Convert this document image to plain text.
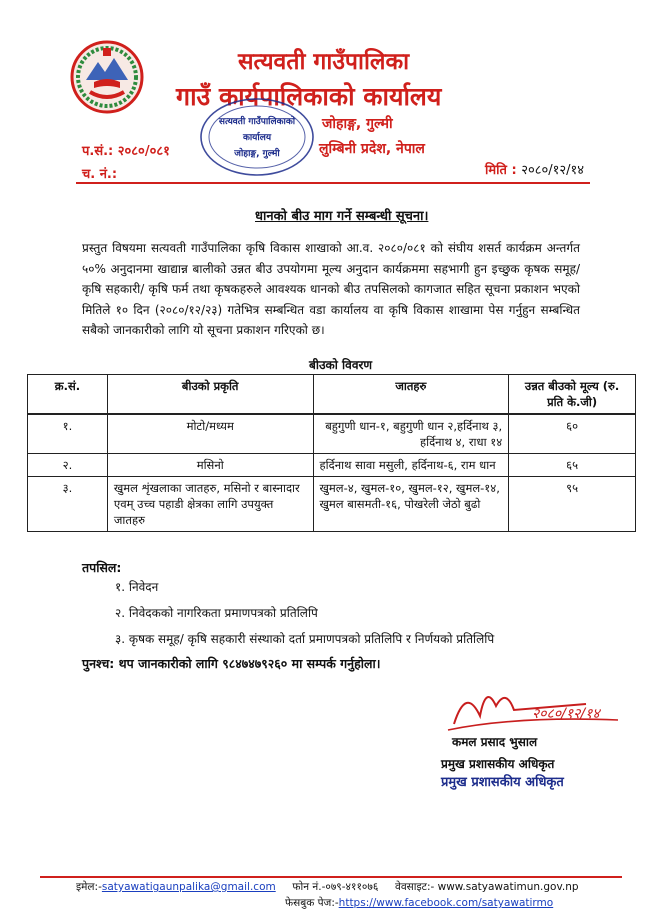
सत्यवती गाउँपालिका
गाउँ कार्यपालिकाको कार्यालय
जोहाङ्ग, गुल्मी
लुम्बिनी प्रदेश, नेपाल
प.सं.: २०८०/०८१
च. नं.:	मिति : २०८०/१२/१४
सत्यवती गाउँपालिकाको
कार्यालय
जोहाङ्ग, गुल्मी
धानको बीउ माग गर्ने सम्बन्धी सूचना।
प्रस्तुत विषयमा सत्यवती गाउँपालिका कृषि विकास शाखाको आ.व. २०८०/०८१ को संघीय शसर्त कार्यक्रम अन्तर्गत ५०% अनुदानमा खाद्यान्न बालीको उन्नत बीउ उपयोगमा मूल्य अनुदान कार्यक्रममा सहभागी हुन इच्छुक कृषक समूह/ कृषि सहकारी/ कृषि फर्म तथा कृषकहरुले आवश्यक धानको बीउ तपसिलको कागजात सहित सूचना प्रकाशन भएको मितिले १० दिन (२०८०/१२/२३) गतेभित्र सम्बन्धित वडा कार्यालय वा कृषि विकास शाखामा पेस गर्नुहुन सम्बन्धित सबैको जानकारीको लागि यो सूचना प्रकाशन गरिएको छ।
बीउको विवरण
क्र.सं.	बीउको प्रकृति	जातहरु	उन्नत बीउको मूल्य (रु. प्रति के.जी)
१.	मोटो/मध्यम	बहुगुणी धान-१, बहुगुणी धान २,हर्दिनाथ ३, हर्दिनाथ ४, राधा १४	६०
२.	मसिनो	हर्दिनाथ सावा मसुली, हर्दिनाथ-६, राम धान	६५
३.	खुमल शृंखलाका जातहरु, मसिनो र बास्नादार एवम् उच्च पहाडी क्षेत्रका लागि उपयुक्त जातहरु	खुमल-४, खुमल-१०, खुमल-१२, खुमल-१४, खुमल बासमती-१६, पोखरेली जेठो बुढो	९५
तपसिल:
१. निवेदन
२. निवेदकको नागरिकता प्रमाणपत्रको प्रतिलिपि
३. कृषक समूह/ कृषि सहकारी संस्थाको दर्ता प्रमाणपत्रको प्रतिलिपि र निर्णयको प्रतिलिपि
पुनश्च: थप जानकारीको लागि ९८४७४७९२६० मा सम्पर्क गर्नुहोला।
२०८०/१२/१४
कमल प्रसाद भुसाल
प्रमुख प्रशासकीय अधिकृत
प्रमुख प्रशासकीय अधिकृत
इमेल:-satyawatigaunpalika@gmail.com फोन नं.-०७९-४११०७६ वेवसाइट:- www.satyawatimun.gov.np
फेसबुक पेज:-https://www.facebook.com/satyawatirmo
